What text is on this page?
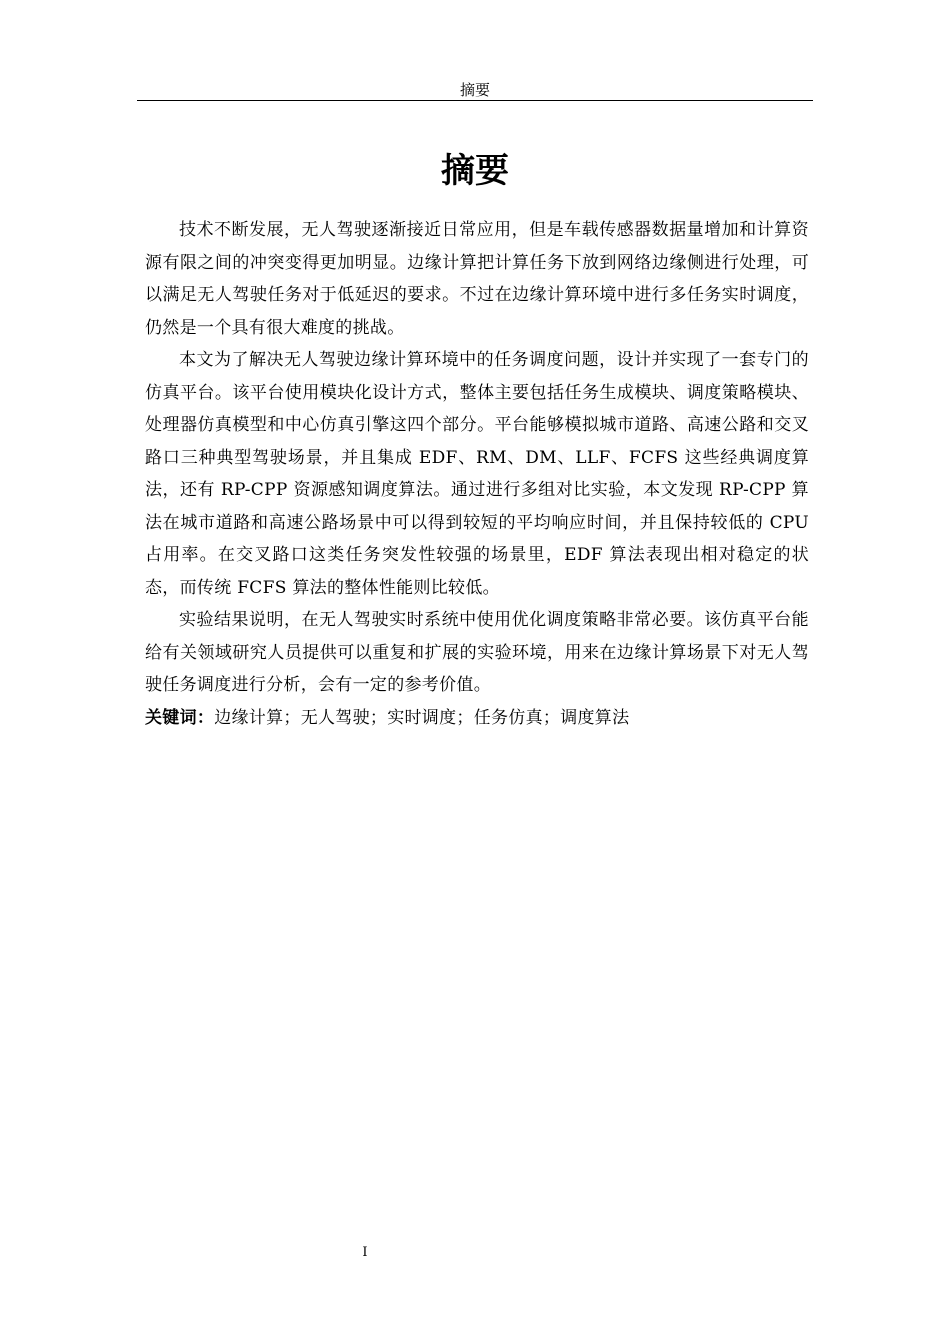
摘要
摘要

技术不断发展，无人驾驶逐渐接近日常应用，但是车载传感器数据量增加和计算资源有限之间的冲突变得更加明显。边缘计算把计算任务下放到网络边缘侧进行处理，可以满足无人驾驶任务对于低延迟的要求。不过在边缘计算环境中进行多任务实时调度，仍然是一个具有很大难度的挑战。

本文为了解决无人驾驶边缘计算环境中的任务调度问题，设计并实现了一套专门的仿真平台。该平台使用模块化设计方式，整体主要包括任务生成模块、调度策略模块、处理器仿真模型和中心仿真引擎这四个部分。平台能够模拟城市道路、高速公路和交叉路口三种典型驾驶场景，并且集成 EDF、RM、DM、LLF、FCFS 这些经典调度算法，还有 RP-CPP 资源感知调度算法。通过进行多组对比实验，本文发现 RP-CPP 算法在城市道路和高速公路场景中可以得到较短的平均响应时间，并且保持较低的 CPU 占用率。在交叉路口这类任务突发性较强的场景里，EDF 算法表现出相对稳定的状态，而传统 FCFS 算法的整体性能则比较低。

实验结果说明，在无人驾驶实时系统中使用优化调度策略非常必要。该仿真平台能给有关领域研究人员提供可以重复和扩展的实验环境，用来在边缘计算场景下对无人驾驶任务调度进行分析，会有一定的参考价值。

关键词：边缘计算；无人驾驶；实时调度；任务仿真；调度算法
I
